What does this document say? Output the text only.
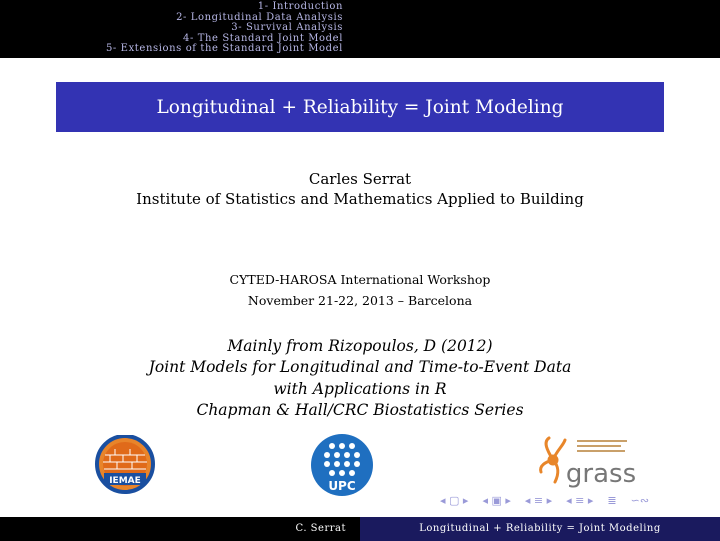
1- Introduction
2- Longitudinal Data Analysis
3- Survival Analysis
4- The Standard Joint Model
5- Extensions of the Standard Joint Model
Longitudinal + Reliability = Joint Modeling
Carles Serrat
Institute of Statistics and Mathematics Applied to Building
CYTED-HAROSA International Workshop
November 21-22, 2013 – Barcelona
Mainly from Rizopoulos, D (2012)
Joint Models for Longitudinal and Time-to-Event Data
with Applications in R
Chapman & Hall/CRC Biostatistics Series
IEMAE	UPC	grass
◂ ▢ ▸ ◂ ▣ ▸ ◂ ≡ ▸ ◂ ≡ ▸ ≣ ∽∾
C. Serrat	Longitudinal + Reliability = Joint Modeling
